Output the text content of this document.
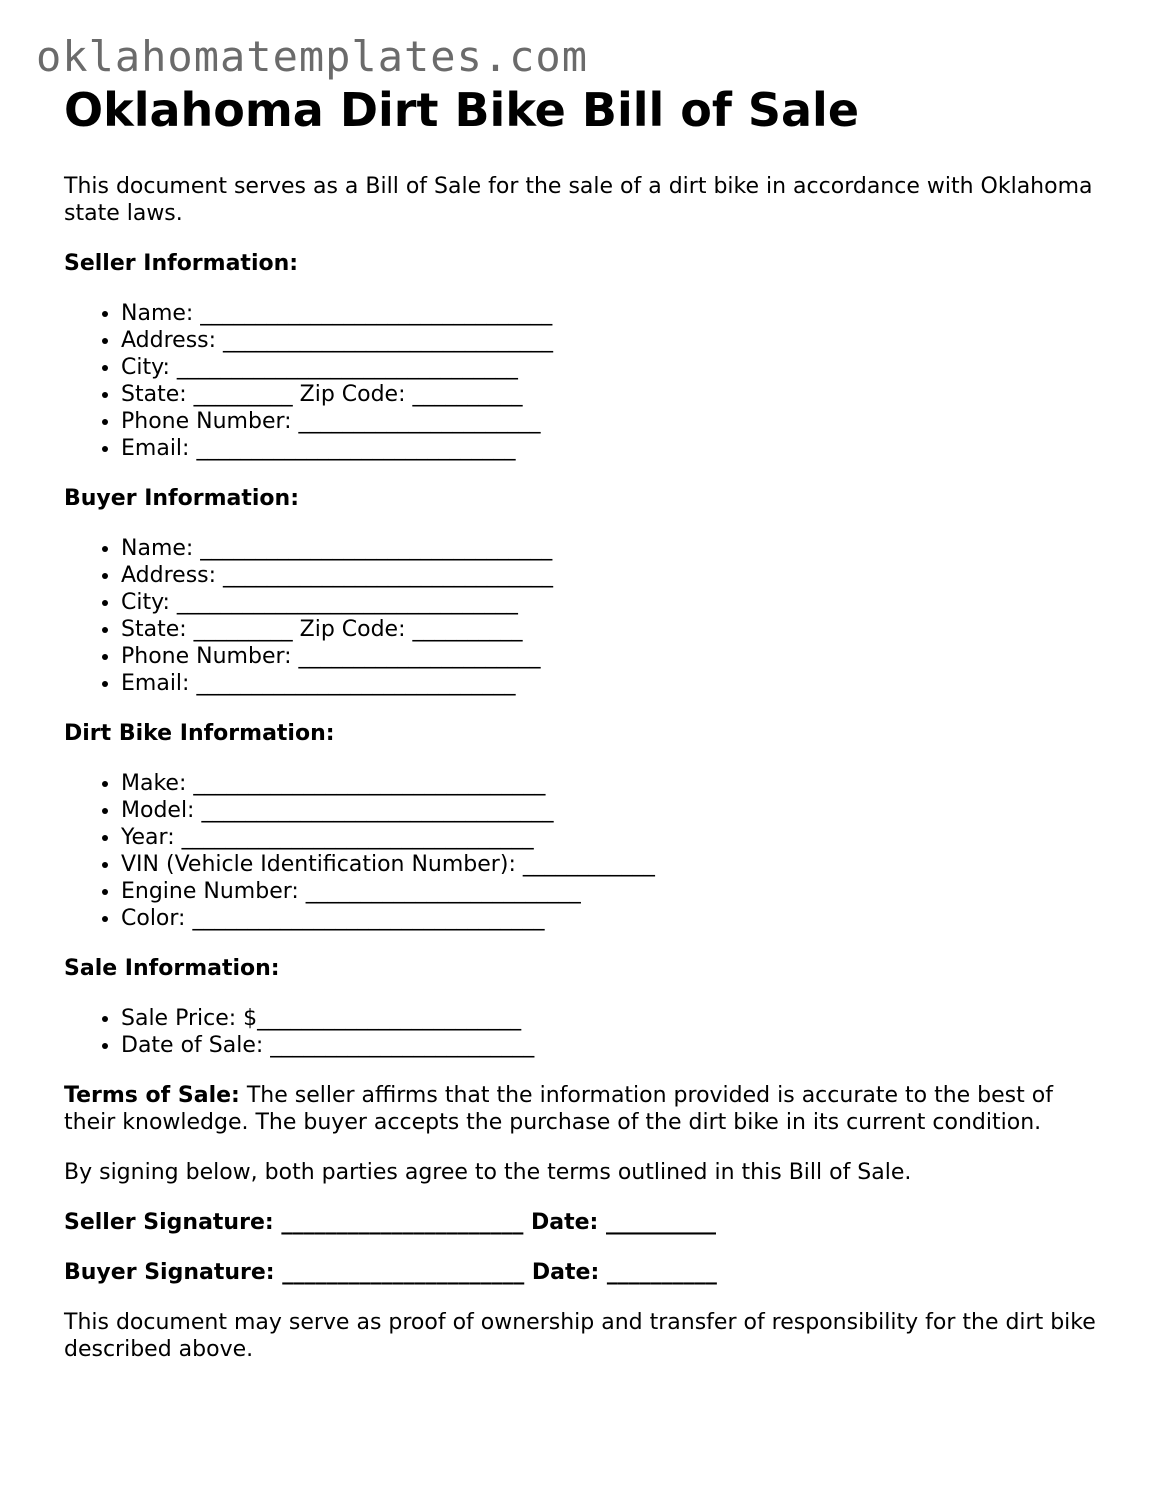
oklahomatemplates.com
Oklahoma Dirt Bike Bill of Sale

This document serves as a Bill of Sale for the sale of a dirt bike in accordance with Oklahoma state laws.

Seller Information:

• Name: ________________________________
• Address: ______________________________
• City: _______________________________
• State: _________ Zip Code: __________
• Phone Number: ______________________
• Email: _____________________________

Buyer Information:

• Name: ________________________________
• Address: ______________________________
• City: _______________________________
• State: _________ Zip Code: __________
• Phone Number: ______________________
• Email: _____________________________

Dirt Bike Information:

• Make: ________________________________
• Model: ________________________________
• Year: ________________________________
• VIN (Vehicle Identification Number): ____________
• Engine Number: _________________________
• Color: ________________________________

Sale Information:

• Sale Price: $________________________
• Date of Sale: ________________________

Terms of Sale: The seller affirms that the information provided is accurate to the best of their knowledge. The buyer accepts the purchase of the dirt bike in its current condition.

By signing below, both parties agree to the terms outlined in this Bill of Sale.

Seller Signature: ______________________ Date: __________

Buyer Signature: ______________________ Date: __________

This document may serve as proof of ownership and transfer of responsibility for the dirt bike described above.
